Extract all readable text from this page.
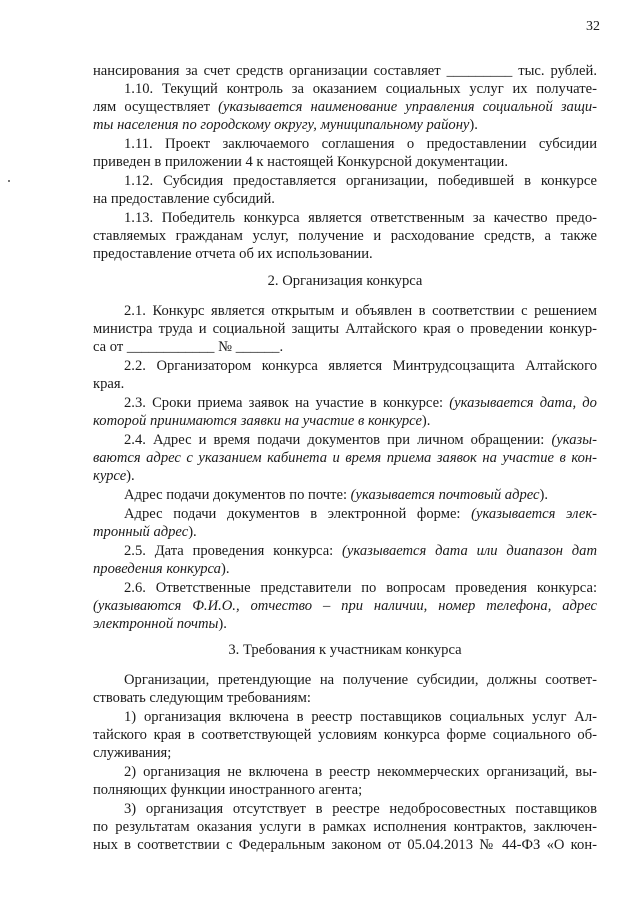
32
нансирования за счет средств организации составляет _________ тыс. рублей.
1.10. Текущий контроль за оказанием социальных услуг их получате-
лям осуществляет (указывается наименование управления социальной защи-
ты населения по городскому округу, муниципальному району).
1.11. Проект заключаемого соглашения о предоставлении субсидии
приведен в приложении 4 к настоящей Конкурсной документации.
1.12. Субсидия предоставляется организации, победившей в конкурсе
на предоставление субсидий.
1.13. Победитель конкурса является ответственным за качество предо-
ставляемых гражданам услуг, получение и расходование средств, а также
предоставление отчета об их использовании.
2. Организация конкурса
2.1. Конкурс является открытым и объявлен в соответствии с решением
министра труда и социальной защиты Алтайского края о проведении конкур-
са от ____________ № ______.
2.2. Организатором конкурса является Минтрудсоцзащита Алтайского
края.
2.3. Сроки приема заявок на участие в конкурсе: (указывается дата, до
которой принимаются заявки на участие в конкурсе).
2.4. Адрес и время подачи документов при личном обращении: (указы-
ваются адрес с указанием кабинета и время приема заявок на участие в кон-
курсе).
Адрес подачи документов по почте: (указывается почтовый адрес).
Адрес подачи документов в электронной форме: (указывается элек-
тронный адрес).
2.5. Дата проведения конкурса: (указывается дата или диапазон дат
проведения конкурса).
2.6. Ответственные представители по вопросам проведения конкурса:
(указываются Ф.И.О., отчество – при наличии, номер телефона, адрес
электронной почты).
3. Требования к участникам конкурса
Организации, претендующие на получение субсидии, должны соответ-
ствовать следующим требованиям:
1) организация включена в реестр поставщиков социальных услуг Ал-
тайского края в соответствующей условиям конкурса форме социального об-
служивания;
2) организация не включена в реестр некоммерческих организаций, вы-
полняющих функции иностранного агента;
3) организация отсутствует в реестре недобросовестных поставщиков
по результатам оказания услуги в рамках исполнения контрактов, заключен-
ных в соответствии с Федеральным законом от 05.04.2013 № 44-ФЗ «О кон-
